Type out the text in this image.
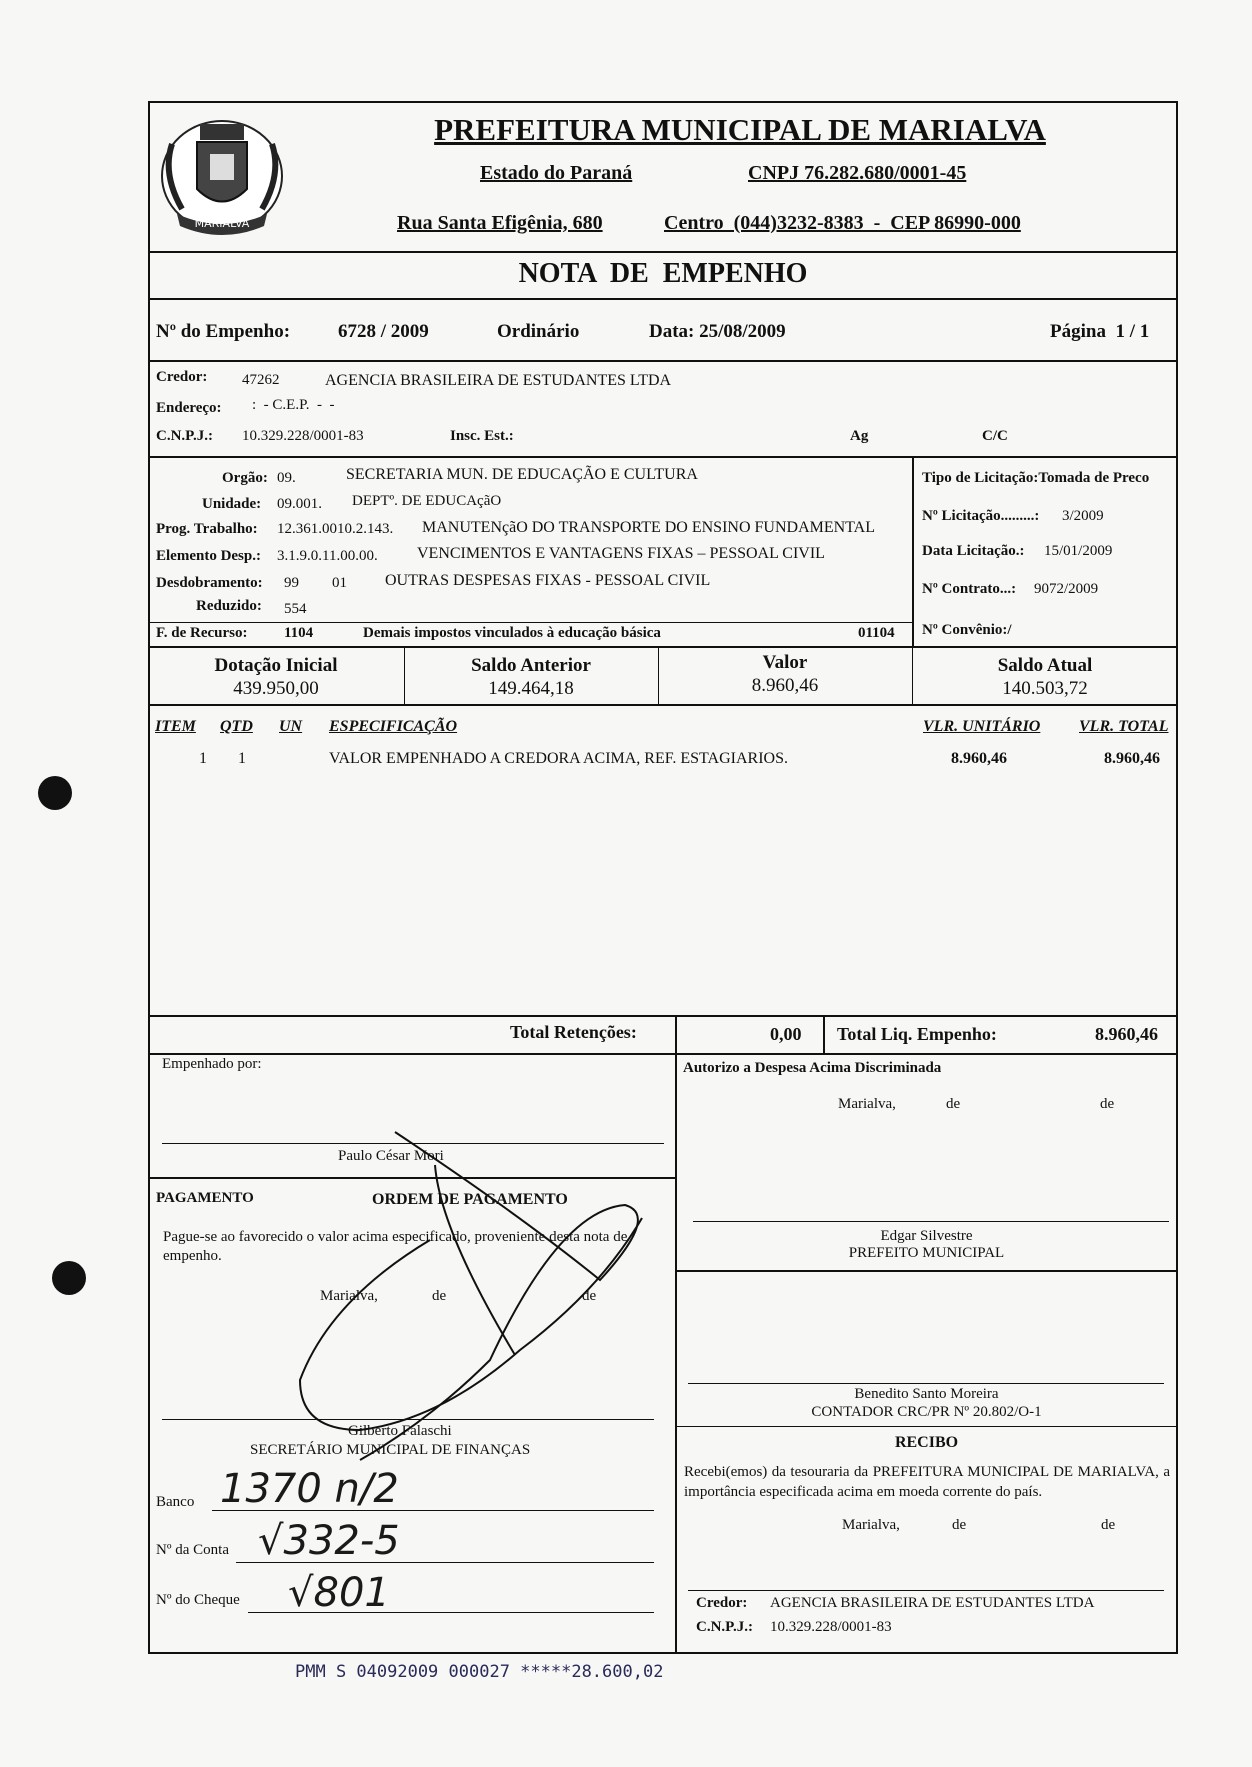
MARIALVA
PREFEITURA MUNICIPAL DE MARIALVA
Estado do Paraná	CNPJ 76.282.680/0001-45
Rua Santa Efigênia, 680	Centro  (044)3232-8383  -  CEP 86990-000
NOTA  DE  EMPENHO
Nº do Empenho:	6728 / 2009	Ordinário	Data: 25/08/2009	Página  1 / 1
Credor: 47262	AGENCIA BRASILEIRA DE ESTUDANTES LTDA
Endereço: :  - C.E.P.  -  -
C.N.P.J.: 10.329.228/0001-83	Insc. Est.:	Ag	C/C
Orgão: 09.	SECRETARIA MUN. DE EDUCAÇÃO E CULTURA
Unidade: 09.001. DEPTº. DE EDUCAçãO
Prog. Trabalho: 12.361.0010.2.143. MANUTENçãO DO TRANSPORTE DO ENSINO FUNDAMENTAL
Elemento Desp.: 3.1.9.0.11.00.00. VENCIMENTOS E VANTAGENS FIXAS – PESSOAL CIVIL
Desdobramento: 99 01 OUTRAS DESPESAS FIXAS - PESSOAL CIVIL
Reduzido: 554
F. de Recurso: 1104	Demais impostos vinculados à educação básica	01104
Tipo de Licitação:Tomada de Preco
Nº Licitação.........: 3/2009
Data Licitação.: 15/01/2009
Nº Contrato...: 9072/2009
Nº Convênio:/
Dotação Inicial
439.950,00
Saldo Anterior
149.464,18
Valor
8.960,46
Saldo Atual
140.503,72
ITEM QTD UN ESPECIFICAÇÃO	VLR. UNITÁRIO VLR. TOTAL
1 1	VALOR EMPENHADO A CREDORA ACIMA, REF. ESTAGIARIOS.	8.960,46	8.960,46
Total Retenções:	0,00 Total Liq. Empenho:	8.960,46
Empenhado por:
Paulo César Mori
Autorizo a Despesa Acima Discriminada
Marialva,	de	de
Edgar Silvestre
PREFEITO MUNICIPAL
Benedito Santo Moreira
CONTADOR CRC/PR Nº 20.802/O-1
RECIBO
Recebi(emos) da tesouraria da PREFEITURA MUNICIPAL DE MARIALVA, a importância especificada acima em moeda corrente do país.
Marialva,	de	de
Credor: AGENCIA BRASILEIRA DE ESTUDANTES LTDA
C.N.P.J.: 10.329.228/0001-83
PAGAMENTO	ORDEM DE PAGAMENTO
Pague-se ao favorecido o valor acima especificado, proveniente desta nota de empenho.
Marialva,	de	de
Gilberto Falaschi
SECRETÁRIO MUNICIPAL DE FINANÇAS
Banco 1370 n/2
Nº da Conta √332-5
Nº do Cheque √801
PMM S 04092009 000027 *****28.600,02
